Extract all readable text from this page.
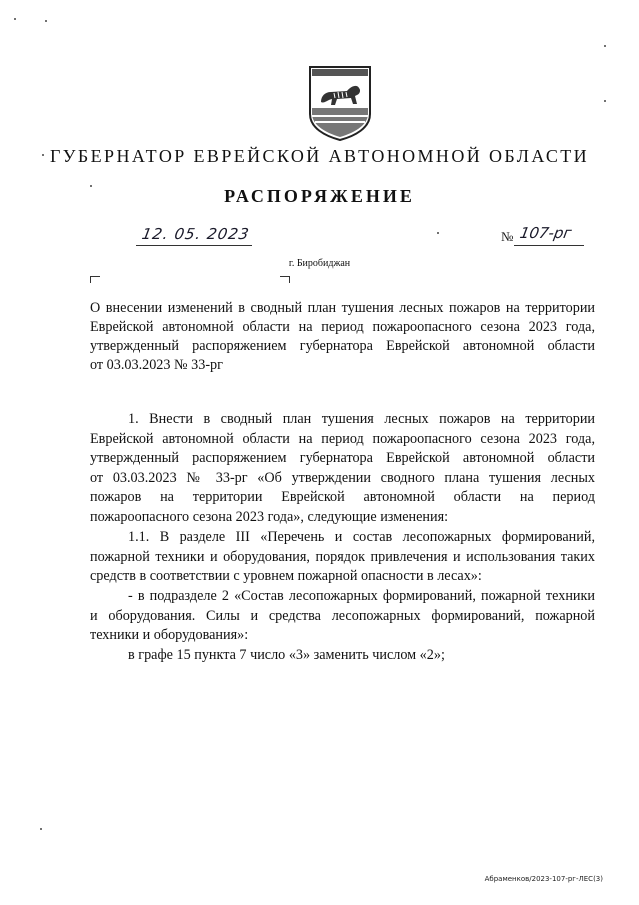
ГУБЕРНАТОР ЕВРЕЙСКОЙ АВТОНОМНОЙ ОБЛАСТИ
РАСПОРЯЖЕНИЕ
12. 05. 2023	№ 107-рг
г. Биробиджан
О внесении изменений в сводный план тушения лесных пожаров на территории
Еврейской автономной области на период пожароопасного сезона 2023 года,
утвержденный распоряжением губернатора Еврейской автономной области
от 03.03.2023 № 33-рг
1. Внести в сводный план тушения лесных пожаров на территории
Еврейской автономной области на период пожароопасного сезона 2023 года,
утвержденный распоряжением губернатора Еврейской автономной области
от 03.03.2023 № 33-рг «Об утверждении сводного плана тушения лесных
пожаров на территории Еврейской автономной области на период
пожароопасного сезона 2023 года», следующие изменения:
1.1. В разделе III «Перечень и состав лесопожарных формирований,
пожарной техники и оборудования, порядок привлечения и использования таких
средств в соответствии с уровнем пожарной опасности в лесах»:
- в подразделе 2 «Состав лесопожарных формирований, пожарной техники
и оборудования. Силы и средства лесопожарных формирований, пожарной
техники и оборудования»:
в графе 15 пункта 7 число «3» заменить числом «2»;
Абраменков/2023-107-рг-ЛЕС(3)
